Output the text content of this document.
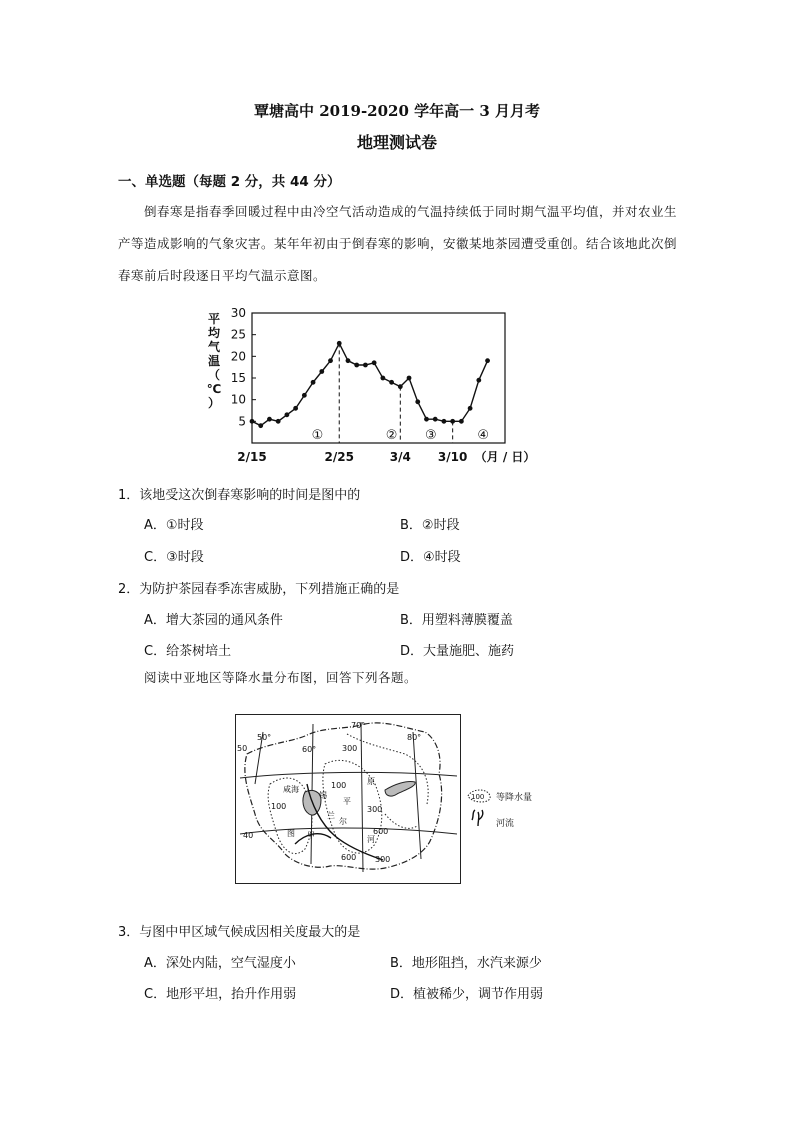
覃塘高中 2019-2020 学年高一 3 月月考
地理测试卷
一、单选题（每题 2 分，共 44 分）
倒春寒是指春季回暖过程中由冷空气活动造成的气温持续低于同时期气温平均值，并对农业生产等造成影响的气象灾害。某年年初由于倒春寒的影响，安徽某地茶园遭受重创。结合该地此次倒春寒前后时段逐日平均气温示意图。
5
10
15
20
25
30
平
均
气
温
（
℃
）
2/15	2/25	3/4 3/10 （月 / 日）
①	② ③	④
1．该地受这次倒春寒影响的时间是图中的
A．①时段	B．②时段
C．③时段	D．④时段
2．为防护茶园春季冻害威胁，下列措施正确的是
A．增大茶园的通风条件	B．用塑料薄膜覆盖
C．给茶树培土	D．大量施肥、施药
阅读中亚地区等降水量分布图，回答下列各题。
50°
60°
70°
80°
50
40
300
100
100	300
600
600 300
咸海
锡
尔
河
原
平
图 甲
兰
100 等降水量
河流
3．与图中甲区域气候成因相关度最大的是
A．深处内陆，空气湿度小	B．地形阻挡，水汽来源少
C．地形平坦，抬升作用弱	D．植被稀少，调节作用弱
